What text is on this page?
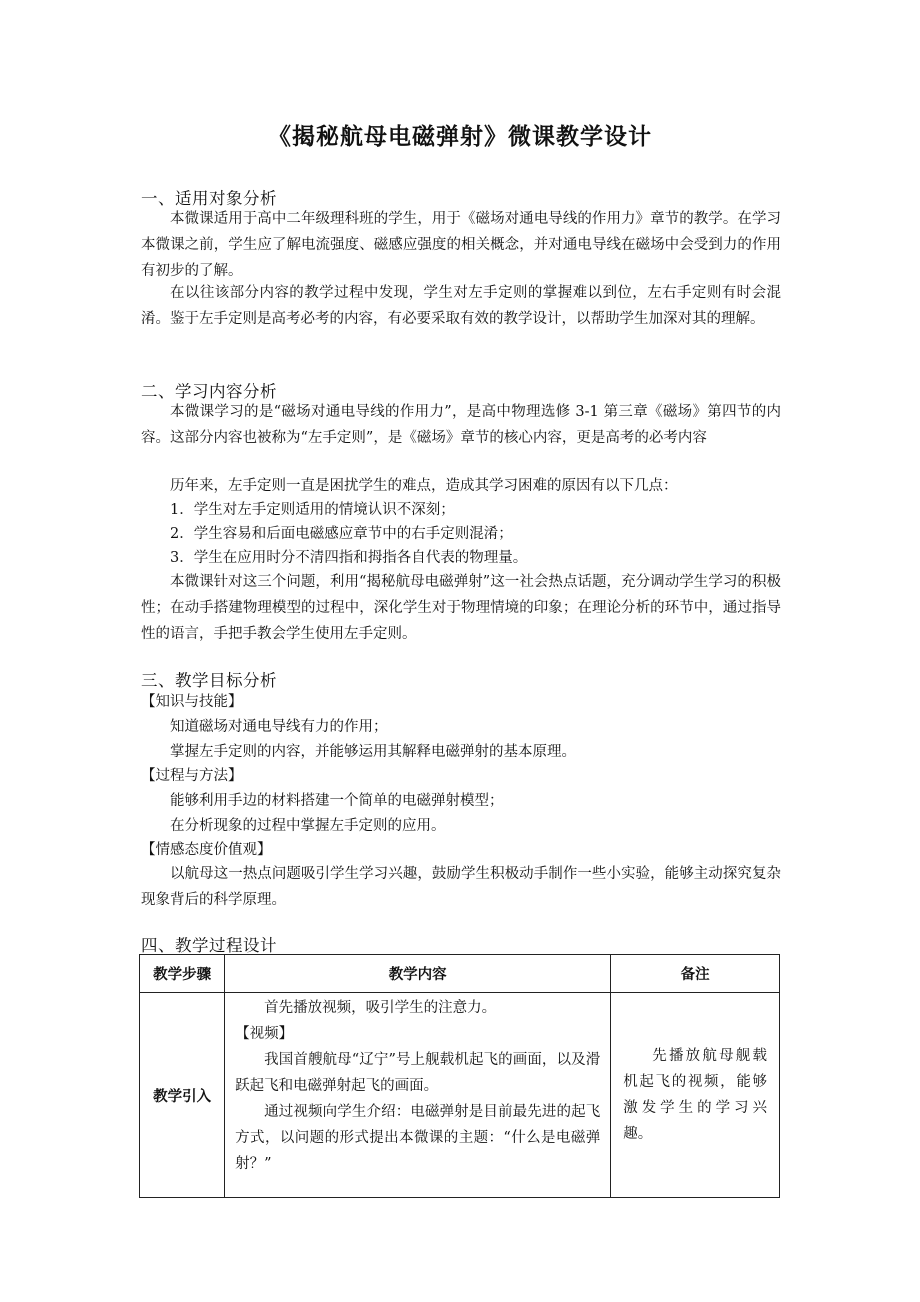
《揭秘航母电磁弹射》微课教学设计
一、适用对象分析

本微课适用于高中二年级理科班的学生，用于《磁场对通电导线的作用力》章节的教学。在学习本微课之前，学生应了解电流强度、磁感应强度的相关概念，并对通电导线在磁场中会受到力的作用有初步的了解。

在以往该部分内容的教学过程中发现，学生对左手定则的掌握难以到位，左右手定则有时会混淆。鉴于左手定则是高考必考的内容，有必要采取有效的教学设计，以帮助学生加深对其的理解。

二、学习内容分析

本微课学习的是“磁场对通电导线的作用力”，是高中物理选修 3-1 第三章《磁场》第四节的内容。这部分内容也被称为“左手定则”，是《磁场》章节的核心内容，更是高考的必考内容

历年来，左手定则一直是困扰学生的难点，造成其学习困难的原因有以下几点：

1．学生对左手定则适用的情境认识不深刻；

2．学生容易和后面电磁感应章节中的右手定则混淆；

3．学生在应用时分不清四指和拇指各自代表的物理量。

本微课针对这三个问题，利用“揭秘航母电磁弹射”这一社会热点话题，充分调动学生学习的积极性；在动手搭建物理模型的过程中，深化学生对于物理情境的印象；在理论分析的环节中，通过指导性的语言，手把手教会学生使用左手定则。

三、教学目标分析

【知识与技能】

知道磁场对通电导线有力的作用；

掌握左手定则的内容，并能够运用其解释电磁弹射的基本原理。

【过程与方法】

能够利用手边的材料搭建一个简单的电磁弹射模型；

在分析现象的过程中掌握左手定则的应用。

【情感态度价值观】

以航母这一热点问题吸引学生学习兴趣，鼓励学生积极动手制作一些小实验，能够主动探究复杂现象背后的科学原理。

四、教学过程设计
教学步骤	教学内容	备注
教学引入	首先播放视频，吸引学生的注意力。

【视频】

我国首艘航母“辽宁”号上舰载机起飞的画面，以及滑跃起飞和电磁弹射起飞的画面。

通过视频向学生介绍：电磁弹射是目前最先进的起飞方式，以问题的形式提出本微课的主题：“什么是电磁弹射？”	先播放航母舰载机起飞的视频，能够激发学生的学习兴趣。
